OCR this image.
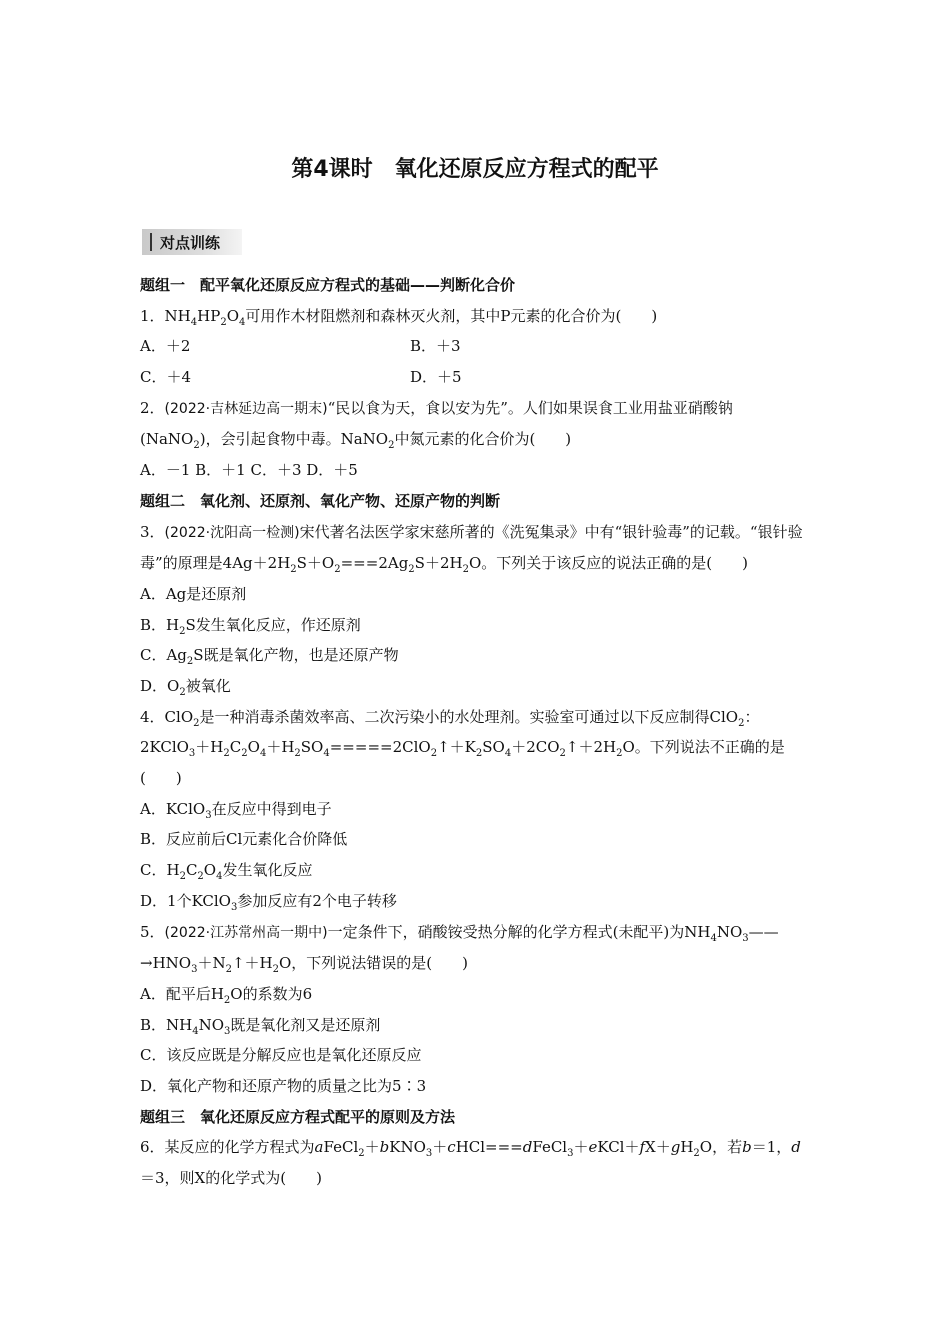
第4课时　氧化还原反应方程式的配平
对点训练
题组一　配平氧化还原反应方程式的基础——判断化合价
1．$NH_4HP_2O_4$可用作木材阻燃剂和森林灭火剂，其中P元素的化合价为(　　)
A．＋2	B．＋3
C．＋4	D．＋5
2．(2022·吉林延边高一期末)“民以食为天，食以安为先”。人们如果误食工业用盐亚硝酸钠(NaNO$_2$)，会引起食物中毒。NaNO$_2$中氮元素的化合价为(　　)
A．－1 B．＋1 C．＋3 D．＋5
题组二　氧化剂、还原剂、氧化产物、还原产物的判断
3．(2022·沈阳高一检测)宋代著名法医学家宋慈所著的《洗冤集录》中有“银针验毒”的记载。“银针验毒”的原理是$4Ag+2H_2S+O_2===2Ag_2S+2H_2O$。下列关于该反应的说法正确的是(　　)
A．Ag是还原剂
B．$H_2S$发生氧化反应，作还原剂
C．$Ag_2S$既是氧化产物，也是还原产物
D．$O_2$被氧化
4．ClO$_2$是一种消毒杀菌效率高、二次污染小的水处理剂。实验室可通过以下反应制得ClO$_2$：$2KClO_3+H_2C_2O_4+H_2SO_4=====2ClO_2↑+K_2SO_4+2CO_2↑+2H_2O$。下列说法不正确的是(　　)
A．KClO$_3$在反应中得到电子
B．反应前后Cl元素化合价降低
C．$H_2C_2O_4$发生氧化反应
D．1个KClO$_3$参加反应有2个电子转移
5．(2022·江苏常州高一期中)一定条件下，硝酸铵受热分解的化学方程式(未配平)为$NH_4NO_3——\to HNO_3+N_2↑+H_2O$，下列说法错误的是(　　)
A．配平后$H_2O$的系数为6
B．$NH_4NO_3$既是氧化剂又是还原剂
C．该反应既是分解反应也是氧化还原反应
D．氧化产物和还原产物的质量之比为5∶3
题组三　氧化还原反应方程式配平的原则及方法
6．某反应的化学方程式为$aFeCl_2+bKNO_3+cHCl===dFeCl_3+eKCl+fX+gH_2O$，若b＝1，d
＝3，则X的化学式为(　　)
